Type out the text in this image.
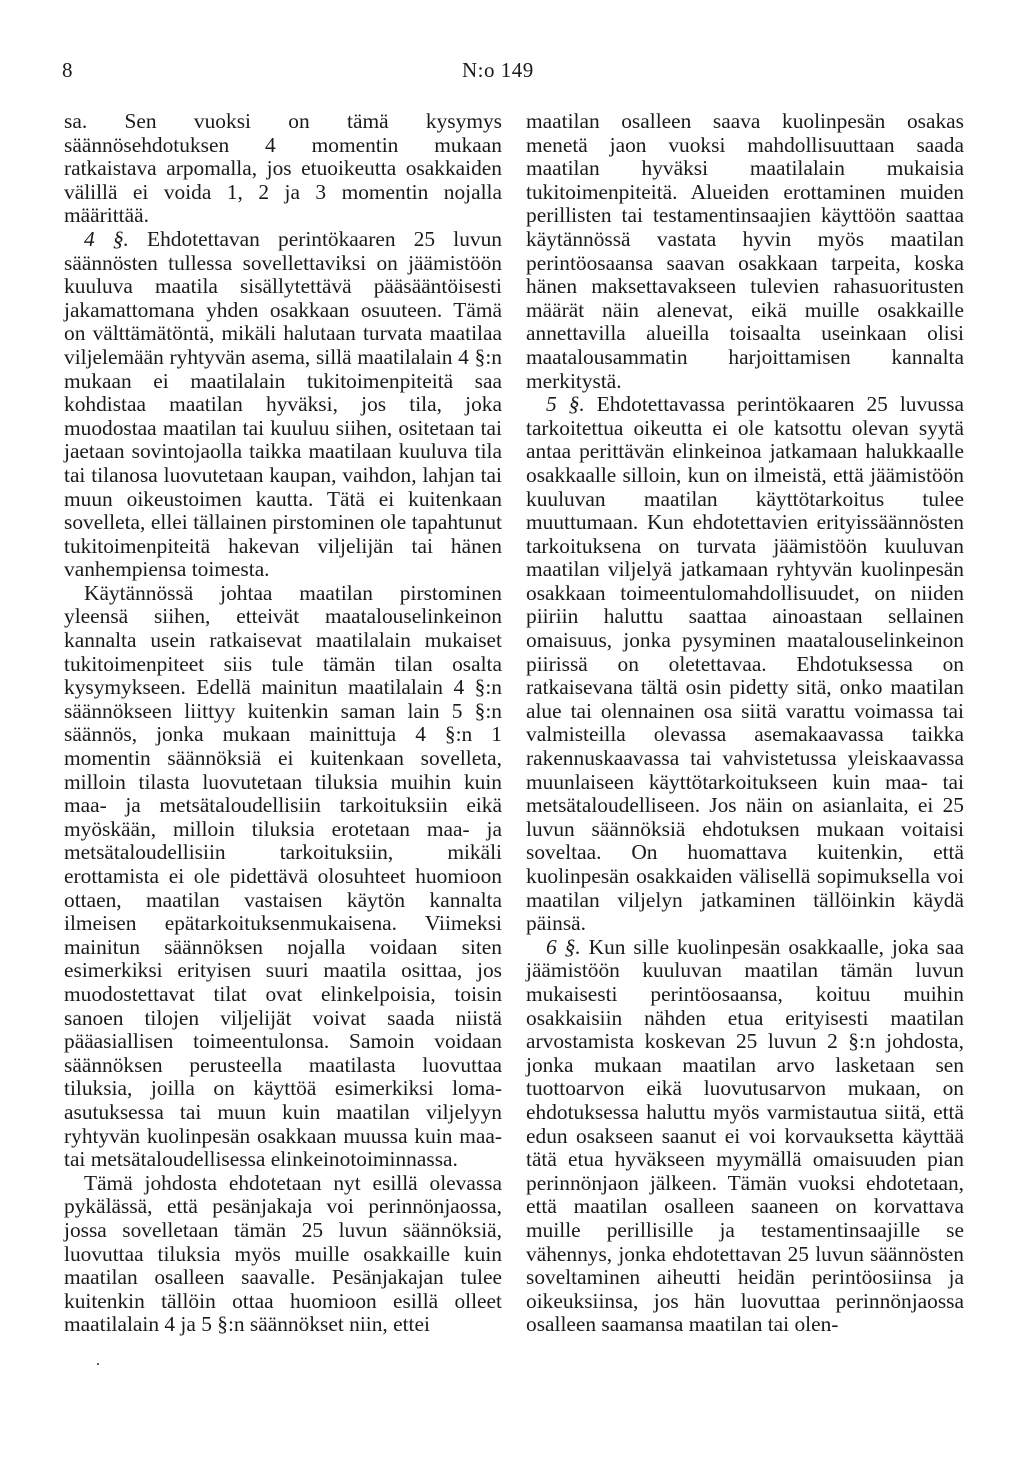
8	N:o 149

sa. Sen vuoksi on tämä kysymys säännösehdotuksen 4 momentin mukaan ratkaistava arpomalla, jos etuoikeutta osakkaiden välillä ei voida 1, 2 ja 3 momentin nojalla määrittää.

4 §. Ehdotettavan perintökaaren 25 luvun säännösten tullessa sovellettaviksi on jäämistöön kuuluva maatila sisällytettävä pääsääntöisesti jakamattomana yhden osakkaan osuuteen. Tämä on välttämätöntä, mikäli halutaan turvata maatilaa viljelemään ryhtyvän asema, sillä maatilalain 4 §:n mukaan ei maatilalain tukitoimenpiteitä saa kohdistaa maatilan hyväksi, jos tila, joka muodostaa maatilan tai kuuluu siihen, ositetaan tai jaetaan sovintojaolla taikka maatilaan kuuluva tila tai tilanosa luovutetaan kaupan, vaihdon, lahjan tai muun oikeustoimen kautta. Tätä ei kuitenkaan sovelleta, ellei tällainen pirstominen ole tapahtunut tukitoimenpiteitä hakevan viljelijän tai hänen vanhempiensa toimesta.

Käytännössä johtaa maatilan pirstominen yleensä siihen, etteivät maatalouselinkeinon kannalta usein ratkaisevat maatilalain mukaiset tukitoimenpiteet siis tule tämän tilan osalta kysymykseen. Edellä mainitun maatilalain 4 §:n säännökseen liittyy kuitenkin saman lain 5 §:n säännös, jonka mukaan mainittuja 4 §:n 1 momentin säännöksiä ei kuitenkaan sovelleta, milloin tilasta luovutetaan tiluksia muihin kuin maa- ja metsätaloudellisiin tarkoituksiin eikä myöskään, milloin tiluksia erotetaan maa- ja metsätaloudellisiin tarkoituksiin, mikäli erottamista ei ole pidettävä olosuhteet huomioon ottaen, maatilan vastaisen käytön kannalta ilmeisen epätarkoituksenmukaisena. Viimeksi mainitun säännöksen nojalla voidaan siten esimerkiksi erityisen suuri maatila osittaa, jos muodostettavat tilat ovat elinkelpoisia, toisin sanoen tilojen viljelijät voivat saada niistä pääasiallisen toimeentulonsa. Samoin voidaan säännöksen perusteella maatilasta luovuttaa tiluksia, joilla on käyttöä esimerkiksi loma-asutuksessa tai muun kuin maatilan viljelyyn ryhtyvän kuolinpesän osakkaan muussa kuin maa- tai metsätaloudellisessa elinkeinotoiminnassa.

Tämä johdosta ehdotetaan nyt esillä olevassa pykälässä, että pesänjakaja voi perinnönjaossa, jossa sovelletaan tämän 25 luvun säännöksiä, luovuttaa tiluksia myös muille osakkaille kuin maatilan osalleen saavalle. Pesänjakajan tulee kuitenkin tällöin ottaa huomioon esillä olleet maatilalain 4 ja 5 §:n säännökset niin, ettei

maatilan osalleen saava kuolinpesän osakas menetä jaon vuoksi mahdollisuuttaan saada maatilan hyväksi maatilalain mukaisia tukitoimenpiteitä. Alueiden erottaminen muiden perillisten tai testamentinsaajien käyttöön saattaa käytännössä vastata hyvin myös maatilan perintöosaansa saavan osakkaan tarpeita, koska hänen maksettavakseen tulevien rahasuoritusten määrät näin alenevat, eikä muille osakkaille annettavilla alueilla toisaalta useinkaan olisi maatalousammatin harjoittamisen kannalta merkitystä.

5 §. Ehdotettavassa perintökaaren 25 luvussa tarkoitettua oikeutta ei ole katsottu olevan syytä antaa perittävän elinkeinoa jatkamaan halukkaalle osakkaalle silloin, kun on ilmeistä, että jäämistöön kuuluvan maatilan käyttötarkoitus tulee muuttumaan. Kun ehdotettavien erityissäännösten tarkoituksena on turvata jäämistöön kuuluvan maatilan viljelyä jatkamaan ryhtyvän kuolinpesän osakkaan toimeentulomahdollisuudet, on niiden piiriin haluttu saattaa ainoastaan sellainen omaisuus, jonka pysyminen maatalouselinkeinon piirissä on oletettavaa. Ehdotuksessa on ratkaisevana tältä osin pidetty sitä, onko maatilan alue tai olennainen osa siitä varattu voimassa tai valmisteilla olevassa asemakaavassa taikka rakennuskaavassa tai vahvistetussa yleiskaavassa muunlaiseen käyttötarkoitukseen kuin maa- tai metsätaloudelliseen. Jos näin on asianlaita, ei 25 luvun säännöksiä ehdotuksen mukaan voitaisi soveltaa. On huomattava kuitenkin, että kuolinpesän osakkaiden välisellä sopimuksella voi maatilan viljelyn jatkaminen tällöinkin käydä päinsä.

6 §. Kun sille kuolinpesän osakkaalle, joka saa jäämistöön kuuluvan maatilan tämän luvun mukaisesti perintöosaansa, koituu muihin osakkaisiin nähden etua erityisesti maatilan arvostamista koskevan 25 luvun 2 §:n johdosta, jonka mukaan maatilan arvo lasketaan sen tuottoarvon eikä luovutusarvon mukaan, on ehdotuksessa haluttu myös varmistautua siitä, että edun osakseen saanut ei voi korvauksetta käyttää tätä etua hyväkseen myymällä omaisuuden pian perinnönjaon jälkeen. Tämän vuoksi ehdotetaan, että maatilan osalleen saaneen on korvattava muille perillisille ja testamentinsaajille se vähennys, jonka ehdotettavan 25 luvun säännösten soveltaminen aiheutti heidän perintöosiinsa ja oikeuksiinsa, jos hän luovuttaa perinnönjaossa osalleen saamansa maatilan tai olen-

.
